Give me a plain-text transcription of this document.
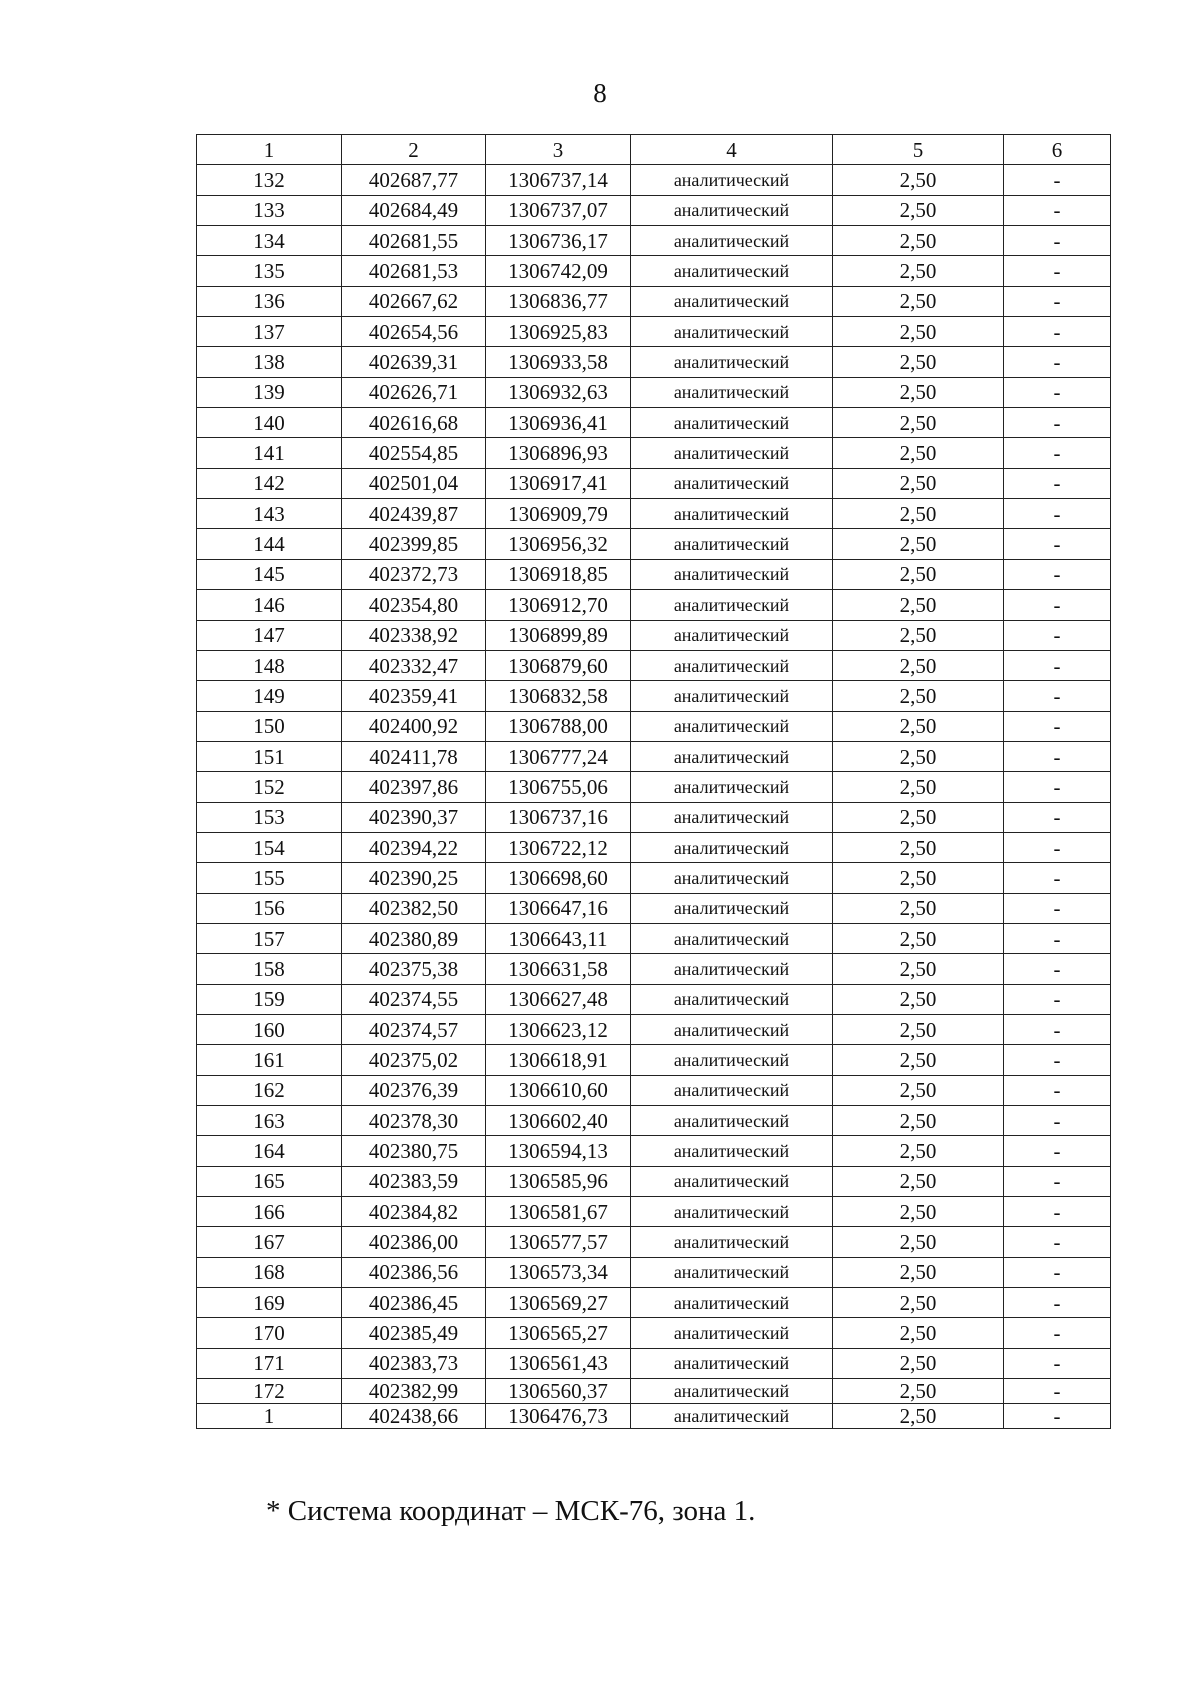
8
1	2	3	4	5	6
132	402687,77	1306737,14	аналитический	2,50	-
133	402684,49	1306737,07	аналитический	2,50	-
134	402681,55	1306736,17	аналитический	2,50	-
135	402681,53	1306742,09	аналитический	2,50	-
136	402667,62	1306836,77	аналитический	2,50	-
137	402654,56	1306925,83	аналитический	2,50	-
138	402639,31	1306933,58	аналитический	2,50	-
139	402626,71	1306932,63	аналитический	2,50	-
140	402616,68	1306936,41	аналитический	2,50	-
141	402554,85	1306896,93	аналитический	2,50	-
142	402501,04	1306917,41	аналитический	2,50	-
143	402439,87	1306909,79	аналитический	2,50	-
144	402399,85	1306956,32	аналитический	2,50	-
145	402372,73	1306918,85	аналитический	2,50	-
146	402354,80	1306912,70	аналитический	2,50	-
147	402338,92	1306899,89	аналитический	2,50	-
148	402332,47	1306879,60	аналитический	2,50	-
149	402359,41	1306832,58	аналитический	2,50	-
150	402400,92	1306788,00	аналитический	2,50	-
151	402411,78	1306777,24	аналитический	2,50	-
152	402397,86	1306755,06	аналитический	2,50	-
153	402390,37	1306737,16	аналитический	2,50	-
154	402394,22	1306722,12	аналитический	2,50	-
155	402390,25	1306698,60	аналитический	2,50	-
156	402382,50	1306647,16	аналитический	2,50	-
157	402380,89	1306643,11	аналитический	2,50	-
158	402375,38	1306631,58	аналитический	2,50	-
159	402374,55	1306627,48	аналитический	2,50	-
160	402374,57	1306623,12	аналитический	2,50	-
161	402375,02	1306618,91	аналитический	2,50	-
162	402376,39	1306610,60	аналитический	2,50	-
163	402378,30	1306602,40	аналитический	2,50	-
164	402380,75	1306594,13	аналитический	2,50	-
165	402383,59	1306585,96	аналитический	2,50	-
166	402384,82	1306581,67	аналитический	2,50	-
167	402386,00	1306577,57	аналитический	2,50	-
168	402386,56	1306573,34	аналитический	2,50	-
169	402386,45	1306569,27	аналитический	2,50	-
170	402385,49	1306565,27	аналитический	2,50	-
171	402383,73	1306561,43	аналитический	2,50	-
172	402382,99	1306560,37	аналитический	2,50	-
1	402438,66	1306476,73	аналитический	2,50	-
* Система координат – МСК-76, зона 1.
